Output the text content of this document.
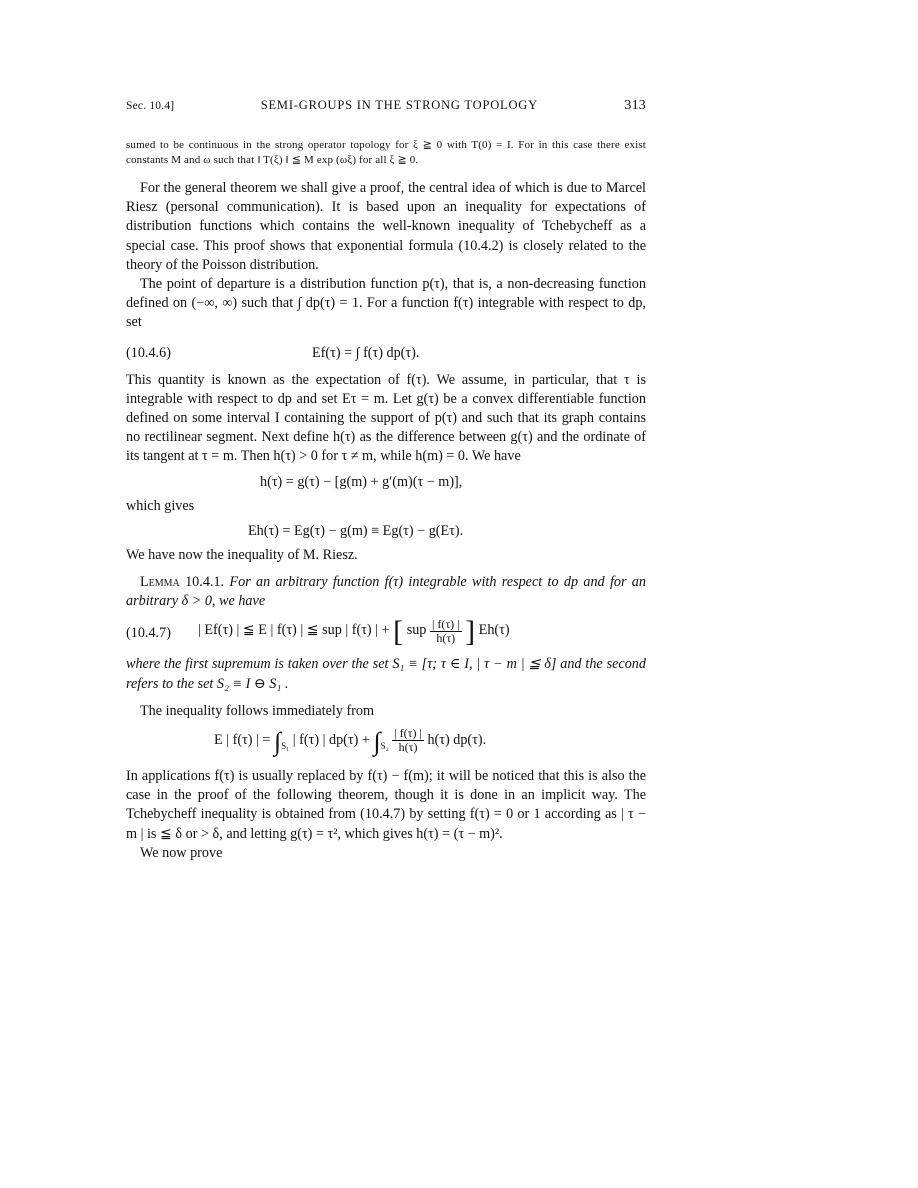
Sec. 10.4]	SEMI-GROUPS IN THE STRONG TOPOLOGY	313
sumed to be continuous in the strong operator topology for ξ ≧ 0 with T(0) = I. For in this case there exist constants M and ω such that ‖ T(ξ) ‖ ≦ M exp (ωξ) for all ξ ≧ 0.

For the general theorem we shall give a proof, the central idea of which is due to Marcel Riesz (personal communication). It is based upon an inequality for expectations of distribution functions which contains the well-known inequality of Tchebycheff as a special case. This proof shows that exponential formula (10.4.2) is closely related to the theory of the Poisson distribution.

The point of departure is a distribution function p(τ), that is, a non-decreasing function defined on (−∞, ∞) such that ∫ dp(τ) = 1. For a function f(τ) integrable with respect to dp, set

(10.4.6)	Ef(τ) = ∫ f(τ) dp(τ).

This quantity is known as the expectation of f(τ). We assume, in particular, that τ is integrable with respect to dp and set Eτ = m. Let g(τ) be a convex differentiable function defined on some interval I containing the support of p(τ) and such that its graph contains no rectilinear segment. Next define h(τ) as the difference between g(τ) and the ordinate of its tangent at τ = m. Then h(τ) > 0 for τ ≠ m, while h(m) = 0. We have

h(τ) = g(τ) − [g(m) + g′(m)(τ − m)],

which gives

Eh(τ) = Eg(τ) − g(m) ≡ Eg(τ) − g(Eτ).

We have now the inequality of M. Riesz.

Lemma 10.4.1. For an arbitrary function f(τ) integrable with respect to dp and for an arbitrary δ > 0, we have

(10.4.7) | Ef(τ) | ≦ E | f(τ) | ≦ sup | f(τ) | + [ sup $\frac{| f(\tau) |}{h(\tau)}$ ] Eh(τ)

where the first supremum is taken over the set S₁ ≡ [τ; τ ∈ I, | τ − m | ≦ δ] and the second refers to the set S₂ ≡ I ⊖ S₁ .

The inequality follows immediately from

E | f(τ) | = $\int_{S_1}$ | f(τ) | $dp(\tau) + \int_{S_2} \frac{| f(\tau) |}{h(\tau)} h(\tau)$ dp(τ).

In applications f(τ) is usually replaced by f(τ) − f(m); it will be noticed that this is also the case in the proof of the following theorem, though it is done in an implicit way. The Tchebycheff inequality is obtained from (10.4.7) by setting f(τ) = 0 or 1 according as | τ − m | is ≦ δ or > δ, and letting g(τ) = τ², which gives h(τ) = (τ − m)².

We now prove
